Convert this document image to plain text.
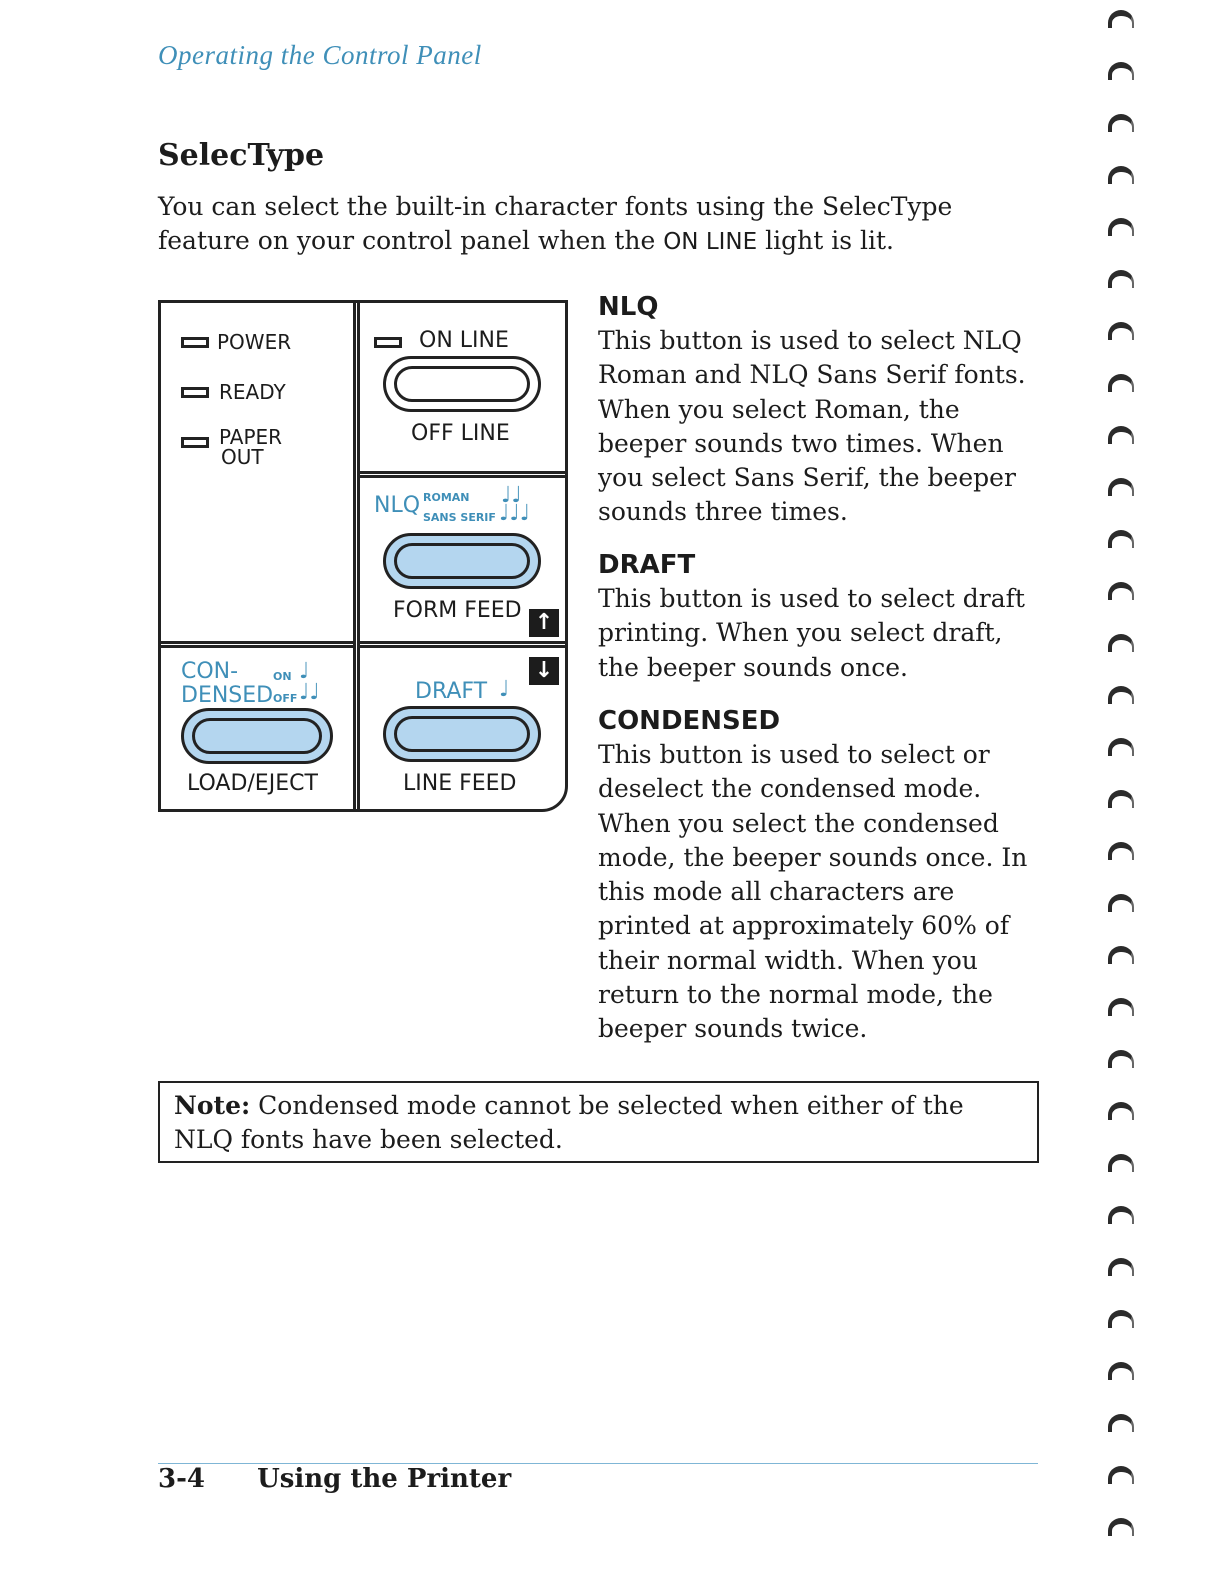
Operating the Control Panel
SelecType

You can select the built-in character fonts using the SelecType feature on your control panel when the ON LINE light is lit.

POWER
READY
PAPER
OUT
ON LINE
OFF LINE
NLQ ROMAN ♩♩
SANS SERIF ♩♩♩
FORM FEED ↑
CON-
DENSED
ON ♩
OFF ♩♩
LOAD/EJECT
↓
DRAFT ♩
LINE FEED
NLQ

This button is used to select NLQ Roman and NLQ Sans Serif fonts. When you select Roman, the beeper sounds two times. When you select Sans Serif, the beeper sounds three times.

DRAFT

This button is used to select draft printing. When you select draft, the beeper sounds once.

CONDENSED

This button is used to select or deselect the condensed mode. When you select the condensed mode, the beeper sounds once. In this mode all characters are printed at approximately 60% of their normal width. When you return to the normal mode, the beeper sounds twice.

Note: Condensed mode cannot be selected when either of the NLQ fonts have been selected.
3-4 Using the Printer
